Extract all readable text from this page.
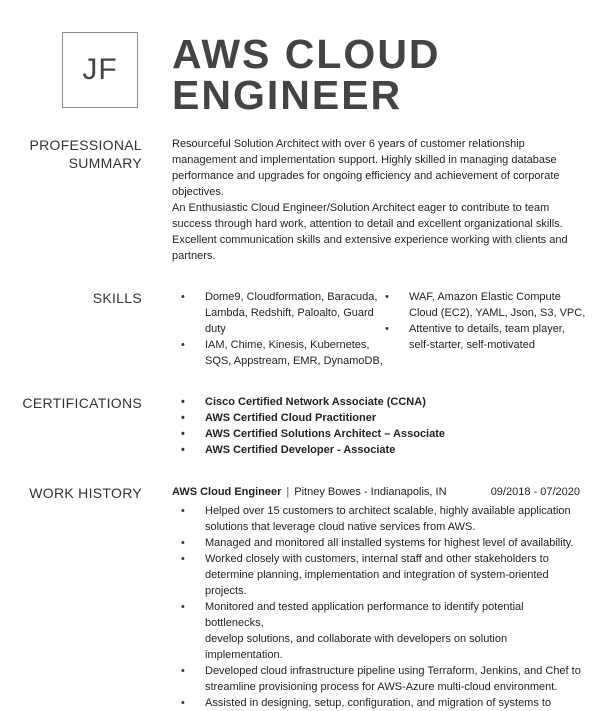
JF AWS CLOUD
ENGINEER
PROFESSIONAL
SUMMARY
Resourceful Solution Architect with over 6 years of customer relationship
management and implementation support. Highly skilled in managing database
performance and upgrades for ongoing efficiency and achievement of corporate
objectives.
An Enthusiastic Cloud Engineer/Solution Architect eager to contribute to team
success through hard work, attention to detail and excellent organizational skills.
Excellent communication skills and extensive experience working with clients and
partners.
SKILLS	• Dome9, Cloudformation, Baracuda,
Lambda, Redshift, Paloalto, Guard
duty
• IAM, Chime, Kinesis, Kubernetes,
SQS, Appstream, EMR, DynamoDB,
• WAF, Amazon Elastic Compute
Cloud (EC2), YAML, Json, S3, VPC,
• Attentive to details, team player,
self-starter, self-motivated
CERTIFICATIONS	• Cisco Certified Network Associate (CCNA)
• AWS Certified Cloud Practitioner
• AWS Certified Solutions Architect – Associate
• AWS Certified Developer - Associate
WORK HISTORY	AWS Cloud Engineer | Pitney Bowes - Indianapolis, IN	09/2018 - 07/2020
• Helped over 15 customers to architect scalable, highly available application
solutions that leverage cloud native services from AWS.
• Managed and monitored all installed systems for highest level of availability.
• Worked closely with customers, internal staff and other stakeholders to
determine planning, implementation and integration of system-oriented
projects.
• Monitored and tested application performance to identify potential bottlenecks,
develop solutions, and collaborate with developers on solution
implementation.
• Developed cloud infrastructure pipeline using Terraform, Jenkins, and Chef to
streamline provisioning process for AWS-Azure multi-cloud environment.
• Assisted in designing, setup, configuration, and migration of systems to
